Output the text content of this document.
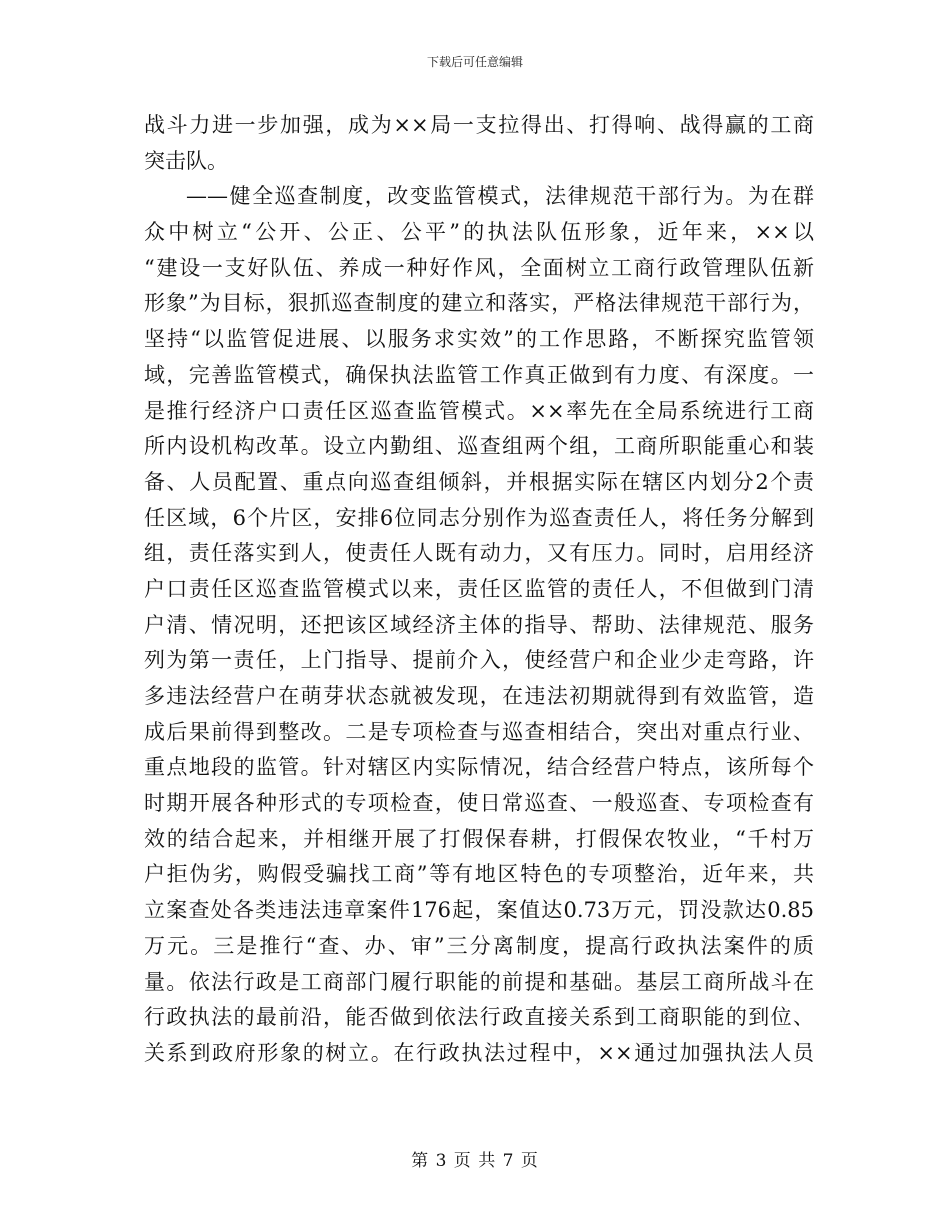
下载后可任意编辑
战斗力进一步加强，成为××局一支拉得出、打得响、战得赢的工商
突击队。
——健全巡查制度，改变监管模式，法律规范干部行为。为在群
众中树立“公开、公正、公平”的执法队伍形象，近年来，××以
“建设一支好队伍、养成一种好作风，全面树立工商行政管理队伍新
形象”为目标，狠抓巡查制度的建立和落实，严格法律规范干部行为，
坚持“以监管促进展、以服务求实效”的工作思路，不断探究监管领
域，完善监管模式，确保执法监管工作真正做到有力度、有深度。一
是推行经济户口责任区巡查监管模式。××率先在全局系统进行工商
所内设机构改革。设立内勤组、巡查组两个组，工商所职能重心和装
备、人员配置、重点向巡查组倾斜，并根据实际在辖区内划分2个责
任区域，6个片区，安排6位同志分别作为巡查责任人，将任务分解到
组，责任落实到人，使责任人既有动力，又有压力。同时，启用经济
户口责任区巡查监管模式以来，责任区监管的责任人，不但做到门清
户清、情况明，还把该区域经济主体的指导、帮助、法律规范、服务
列为第一责任，上门指导、提前介入，使经营户和企业少走弯路，许
多违法经营户在萌芽状态就被发现，在违法初期就得到有效监管，造
成后果前得到整改。二是专项检查与巡查相结合，突出对重点行业、
重点地段的监管。针对辖区内实际情况，结合经营户特点，该所每个
时期开展各种形式的专项检查，使日常巡查、一般巡查、专项检查有
效的结合起来，并相继开展了打假保春耕，打假保农牧业，“千村万
户拒伪劣，购假受骗找工商”等有地区特色的专项整治，近年来，共
立案查处各类违法违章案件176起，案值达0.73万元，罚没款达0.85
万元。三是推行“查、办、审”三分离制度，提高行政执法案件的质
量。依法行政是工商部门履行职能的前提和基础。基层工商所战斗在
行政执法的最前沿，能否做到依法行政直接关系到工商职能的到位、
关系到政府形象的树立。在行政执法过程中，××通过加强执法人员
第 3 页 共 7 页
